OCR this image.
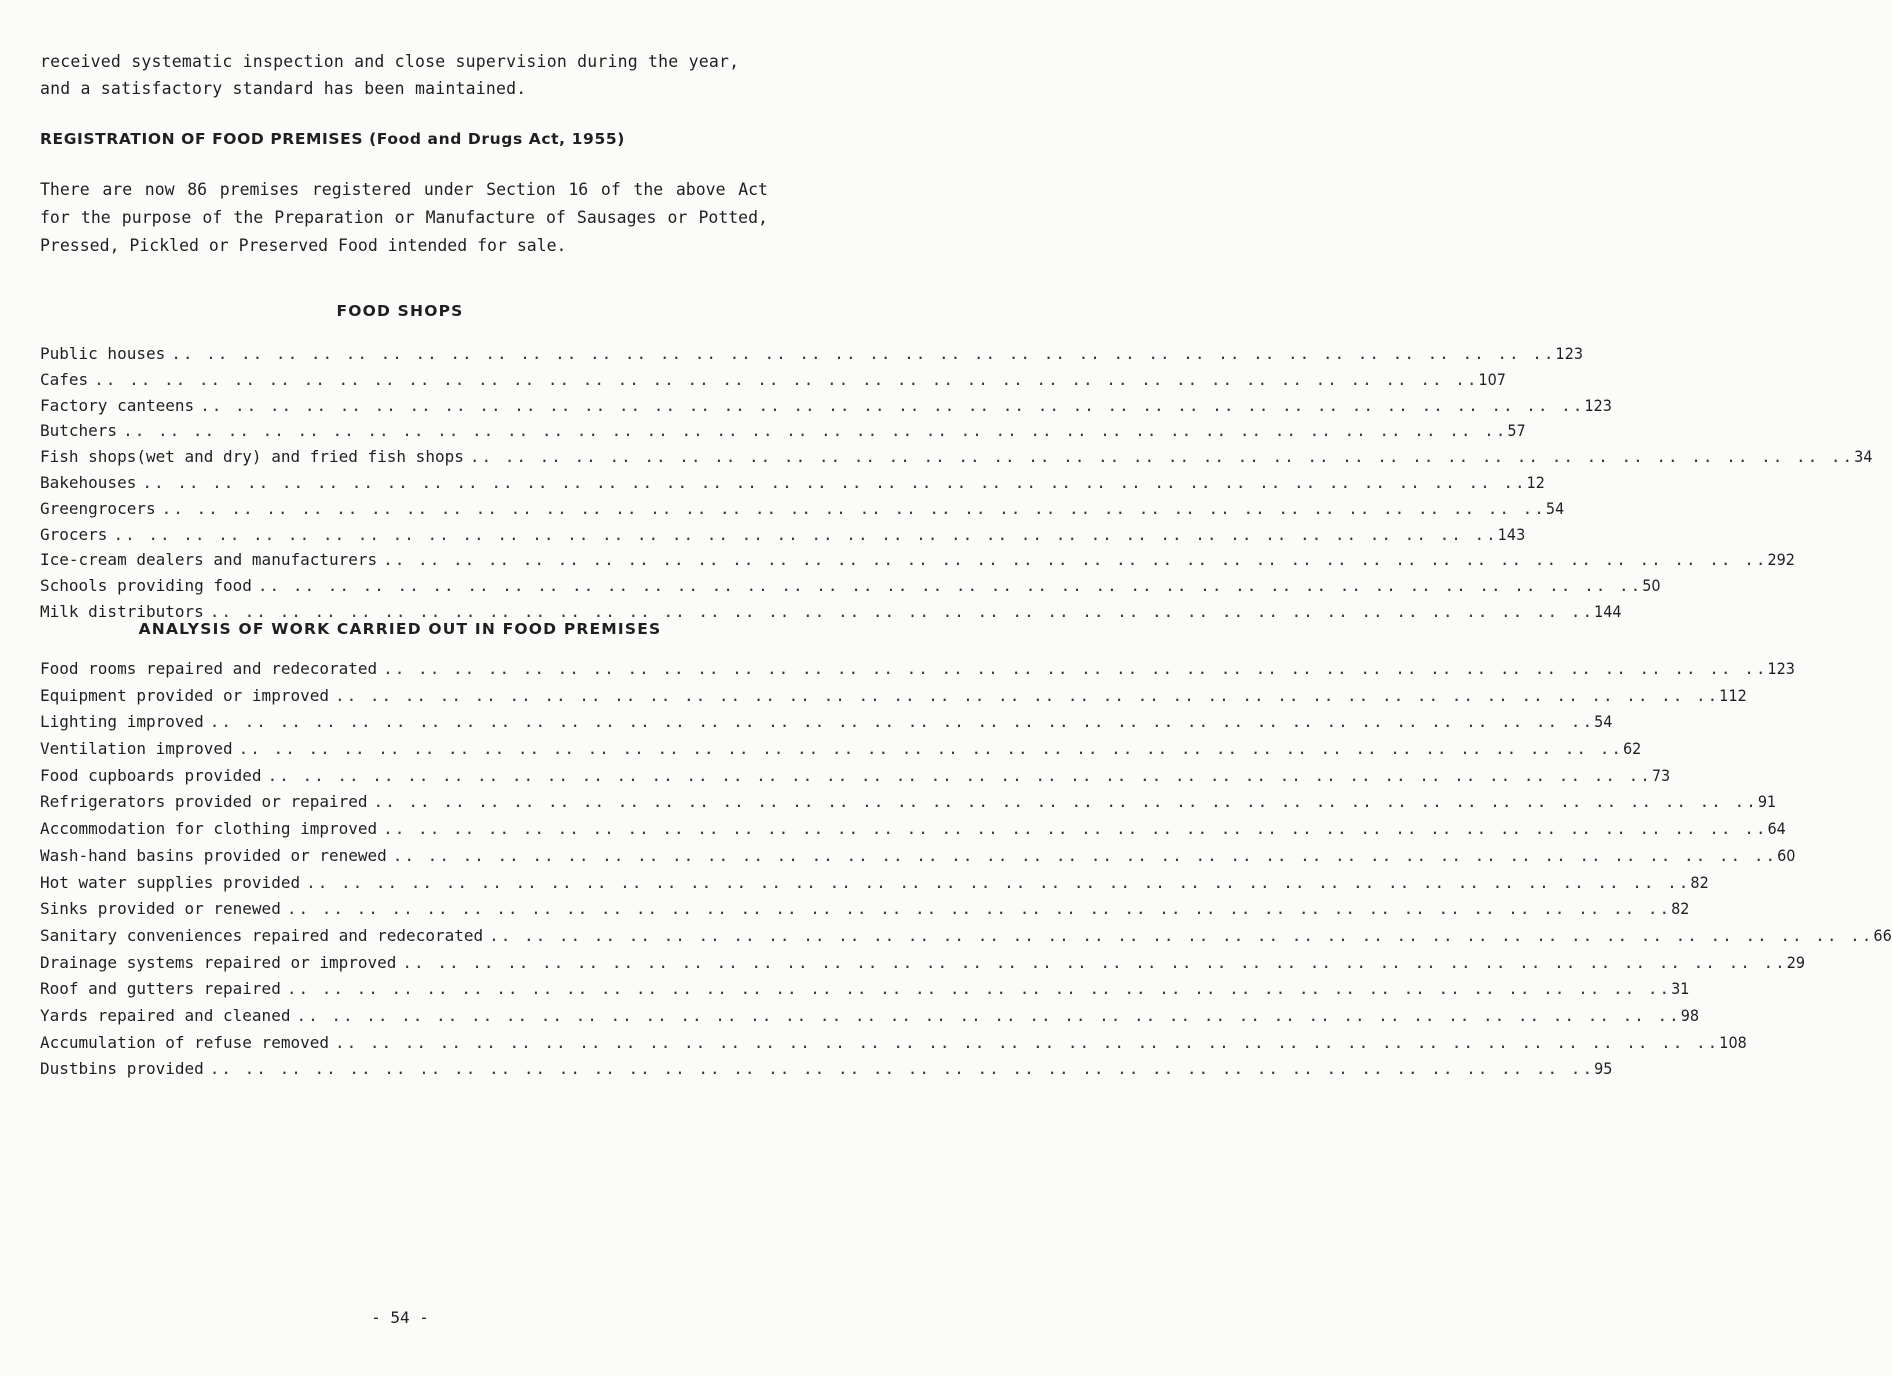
received systematic inspection and close supervision during the year, and a satisfactory standard has been maintained.
REGISTRATION OF FOOD PREMISES (Food and Drugs Act, 1955)
There are now 86 premises registered under Section 16 of the above Act for the purpose of the Preparation or Manufacture of Sausages or Potted, Pressed, Pickled or Preserved Food intended for sale.
FOOD SHOPS
Public houses .. .. .. .. .. .. .. .. .. .. .. .. .. .. .. .. .. .. .. .. .. .. .. .. .. .. .. .. .. .. .. .. .. .. .. .. .. .. .. .. 123
Cafes .. .. .. .. .. .. .. .. .. .. .. .. .. .. .. .. .. .. .. .. .. .. .. .. .. .. .. .. .. .. .. .. .. .. .. .. .. .. .. .. 107
Factory canteens .. .. .. .. .. .. .. .. .. .. .. .. .. .. .. .. .. .. .. .. .. .. .. .. .. .. .. .. .. .. .. .. .. .. .. .. .. .. .. .. 123
Butchers .. .. .. .. .. .. .. .. .. .. .. .. .. .. .. .. .. .. .. .. .. .. .. .. .. .. .. .. .. .. .. .. .. .. .. .. .. .. .. .. 57
Fish shops(wet and dry) and fried fish shops .. .. .. .. .. .. .. .. .. .. .. .. .. .. .. .. .. .. .. .. .. .. .. .. .. .. .. .. .. .. .. .. .. .. .. .. .. .. .. .. 34
Bakehouses .. .. .. .. .. .. .. .. .. .. .. .. .. .. .. .. .. .. .. .. .. .. .. .. .. .. .. .. .. .. .. .. .. .. .. .. .. .. .. .. 12
Greengrocers .. .. .. .. .. .. .. .. .. .. .. .. .. .. .. .. .. .. .. .. .. .. .. .. .. .. .. .. .. .. .. .. .. .. .. .. .. .. .. .. 54
Grocers .. .. .. .. .. .. .. .. .. .. .. .. .. .. .. .. .. .. .. .. .. .. .. .. .. .. .. .. .. .. .. .. .. .. .. .. .. .. .. .. 143
Ice-cream dealers and manufacturers .. .. .. .. .. .. .. .. .. .. .. .. .. .. .. .. .. .. .. .. .. .. .. .. .. .. .. .. .. .. .. .. .. .. .. .. .. .. .. .. 292
Schools providing food .. .. .. .. .. .. .. .. .. .. .. .. .. .. .. .. .. .. .. .. .. .. .. .. .. .. .. .. .. .. .. .. .. .. .. .. .. .. .. .. 50
Milk distributors .. .. .. .. .. .. .. .. .. .. .. .. .. .. .. .. .. .. .. .. .. .. .. .. .. .. .. .. .. .. .. .. .. .. .. .. .. .. .. .. 144
ANALYSIS OF WORK CARRIED OUT IN FOOD PREMISES
Food rooms repaired and redecorated .. .. .. .. .. .. .. .. .. .. .. .. .. .. .. .. .. .. .. .. .. .. .. .. .. .. .. .. .. .. .. .. .. .. .. .. .. .. .. .. 123
Equipment provided or improved .. .. .. .. .. .. .. .. .. .. .. .. .. .. .. .. .. .. .. .. .. .. .. .. .. .. .. .. .. .. .. .. .. .. .. .. .. .. .. .. 112
Lighting improved .. .. .. .. .. .. .. .. .. .. .. .. .. .. .. .. .. .. .. .. .. .. .. .. .. .. .. .. .. .. .. .. .. .. .. .. .. .. .. .. 54
Ventilation improved .. .. .. .. .. .. .. .. .. .. .. .. .. .. .. .. .. .. .. .. .. .. .. .. .. .. .. .. .. .. .. .. .. .. .. .. .. .. .. .. 62
Food cupboards provided .. .. .. .. .. .. .. .. .. .. .. .. .. .. .. .. .. .. .. .. .. .. .. .. .. .. .. .. .. .. .. .. .. .. .. .. .. .. .. .. 73
Refrigerators provided or repaired .. .. .. .. .. .. .. .. .. .. .. .. .. .. .. .. .. .. .. .. .. .. .. .. .. .. .. .. .. .. .. .. .. .. .. .. .. .. .. .. 91
Accommodation for clothing improved .. .. .. .. .. .. .. .. .. .. .. .. .. .. .. .. .. .. .. .. .. .. .. .. .. .. .. .. .. .. .. .. .. .. .. .. .. .. .. .. 64
Wash-hand basins provided or renewed .. .. .. .. .. .. .. .. .. .. .. .. .. .. .. .. .. .. .. .. .. .. .. .. .. .. .. .. .. .. .. .. .. .. .. .. .. .. .. .. 60
Hot water supplies provided .. .. .. .. .. .. .. .. .. .. .. .. .. .. .. .. .. .. .. .. .. .. .. .. .. .. .. .. .. .. .. .. .. .. .. .. .. .. .. .. 82
Sinks provided or renewed .. .. .. .. .. .. .. .. .. .. .. .. .. .. .. .. .. .. .. .. .. .. .. .. .. .. .. .. .. .. .. .. .. .. .. .. .. .. .. .. 82
Sanitary conveniences repaired and redecorated .. .. .. .. .. .. .. .. .. .. .. .. .. .. .. .. .. .. .. .. .. .. .. .. .. .. .. .. .. .. .. .. .. .. .. .. .. .. .. .. 66
Drainage systems repaired or improved .. .. .. .. .. .. .. .. .. .. .. .. .. .. .. .. .. .. .. .. .. .. .. .. .. .. .. .. .. .. .. .. .. .. .. .. .. .. .. .. 29
Roof and gutters repaired .. .. .. .. .. .. .. .. .. .. .. .. .. .. .. .. .. .. .. .. .. .. .. .. .. .. .. .. .. .. .. .. .. .. .. .. .. .. .. .. 31
Yards repaired and cleaned .. .. .. .. .. .. .. .. .. .. .. .. .. .. .. .. .. .. .. .. .. .. .. .. .. .. .. .. .. .. .. .. .. .. .. .. .. .. .. .. 98
Accumulation of refuse removed .. .. .. .. .. .. .. .. .. .. .. .. .. .. .. .. .. .. .. .. .. .. .. .. .. .. .. .. .. .. .. .. .. .. .. .. .. .. .. .. 108
Dustbins provided .. .. .. .. .. .. .. .. .. .. .. .. .. .. .. .. .. .. .. .. .. .. .. .. .. .. .. .. .. .. .. .. .. .. .. .. .. .. .. .. 95
- 54 -
